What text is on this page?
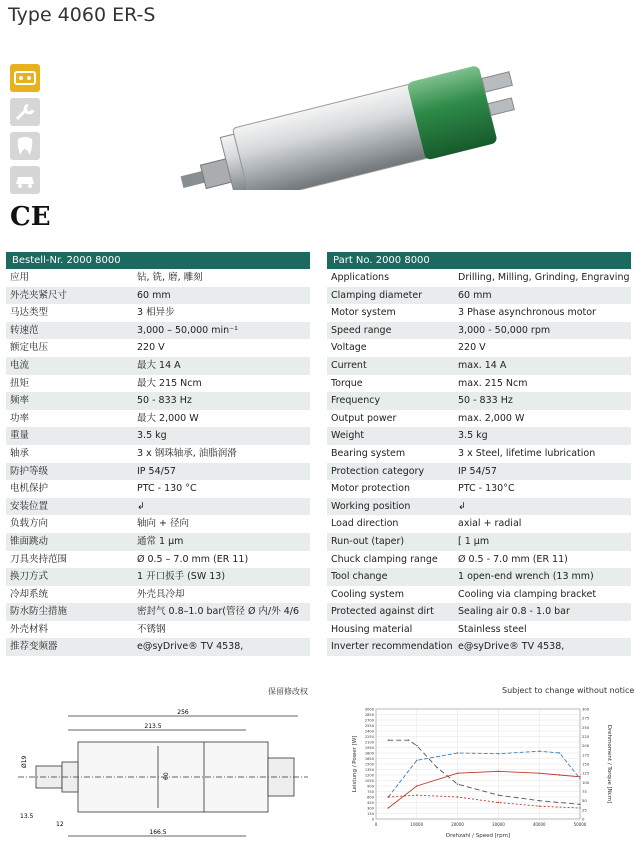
Type 4060 ER-S
CE
Bestell-Nr. 2000 8000
应用	钻, 铣, 磨, 雕刻
外壳夹紧尺寸	60 mm
马达类型	3 相异步
转速范	3,000 – 50,000 min⁻¹
额定电压	220 V
电流	最大 14 A
扭矩	最大 215 Ncm
频率	50 - 833 Hz
功率	最大 2,000 W
重量	3.5 kg
轴承	3 x 钢珠轴承, 油脂润滑
防护等级	IP 54/57
电机保护	PTC - 130 °C
安装位置	↲
负载方向	轴向 + 径向
锥面跳动	通常 1 µm
刀具夹持范围	Ø 0.5 – 7.0 mm (ER 11)
换刀方式	1 开口扳手 (SW 13)
冷却系统	外壳具冷却
防水防尘措施	密封气 0.8–1.0 bar(管径 Ø 内/外 4/6
外壳材料	不锈钢
推荐变频器	e@syDrive® TV 4538,
Part No. 2000 8000
Applications	Drilling, Milling, Grinding, Engraving
Clamping diameter	60 mm
Motor system	3 Phase asynchronous motor
Speed range	3,000 - 50,000 rpm
Voltage	220 V
Current	max. 14 A
Torque	max. 215 Ncm
Frequency	50 - 833 Hz
Output power	max. 2,000 W
Weight	3.5 kg
Bearing system	3 x Steel, lifetime lubrication
Protection category	IP 54/57
Motor protection	PTC - 130°C
Working position	↲
Load direction	axial + radial
Run-out (taper)	[ 1 µm
Chuck clamping range	Ø 0.5 - 7.0 mm (ER 11)
Tool change	1 open-end wrench (13 mm)
Cooling system	Cooling via clamping bracket
Protected against dirt	Sealing air 0.8 - 1.0 bar
Housing material	Stainless steel
Inverter recommendation e@syDrive® TV 4538,
保留修改权	Subject to change without notice
256
213.5
60
Ø19
13.5
12
166.5
0
150
300
450
600
750
900
1050
1200
1350
1500
1650
1800
1950
2100
2250
2400
2550
2700
2850
3000
0
25
50
75
100
125
150
175
200
225
250
275
300
0	10000	20000	30000	40000	50000
Drehzahl / Speed [rpm]
Leistung / Power [W]	Drehmoment / Torque [Ncm]
